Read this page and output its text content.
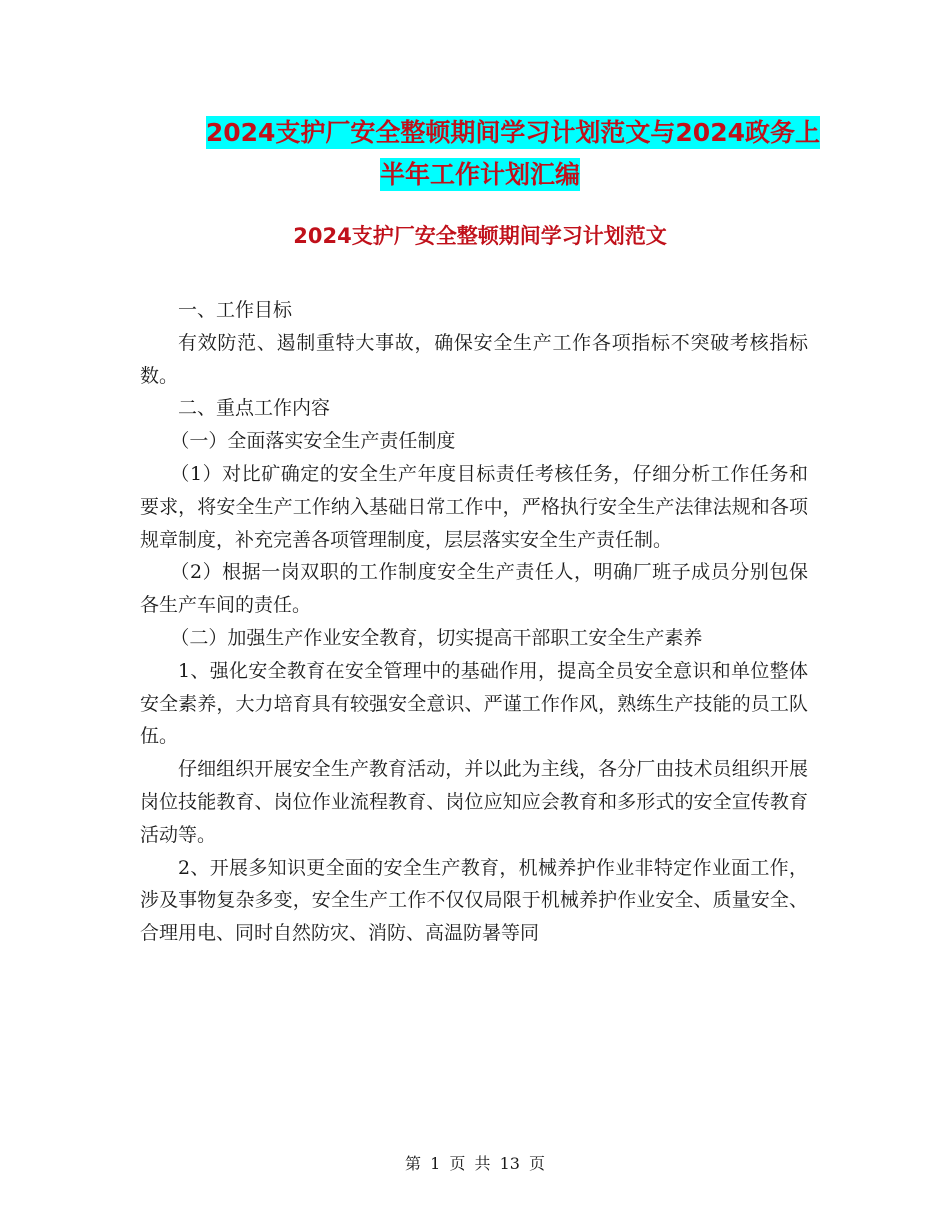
2024支护厂安全整顿期间学习计划范文与2024政务上
半年工作计划汇编
2024支护厂安全整顿期间学习计划范文

一、工作目标

有效防范、遏制重特大事故，确保安全生产工作各项指标不突破考核指标数。

二、重点工作内容

（一）全面落实安全生产责任制度

（1）对比矿确定的安全生产年度目标责任考核任务，仔细分析工作任务和要求，将安全生产工作纳入基础日常工作中，严格执行安全生产法律法规和各项规章制度，补充完善各项管理制度，层层落实安全生产责任制。

（2）根据一岗双职的工作制度安全生产责任人，明确厂班子成员分别包保各生产车间的责任。

（二）加强生产作业安全教育，切实提高干部职工安全生产素养

1、强化安全教育在安全管理中的基础作用，提高全员安全意识和单位整体安全素养，大力培育具有较强安全意识、严谨工作作风，熟练生产技能的员工队伍。

仔细组织开展安全生产教育活动，并以此为主线，各分厂由技术员组织开展岗位技能教育、岗位作业流程教育、岗位应知应会教育和多形式的安全宣传教育活动等。

2、开展多知识更全面的安全生产教育，机械养护作业非特定作业面工作，涉及事物复杂多变，安全生产工作不仅仅局限于机械养护作业安全、质量安全、合理用电、同时自然防灾、消防、高温防暑等同

第 1 页 共 13 页
